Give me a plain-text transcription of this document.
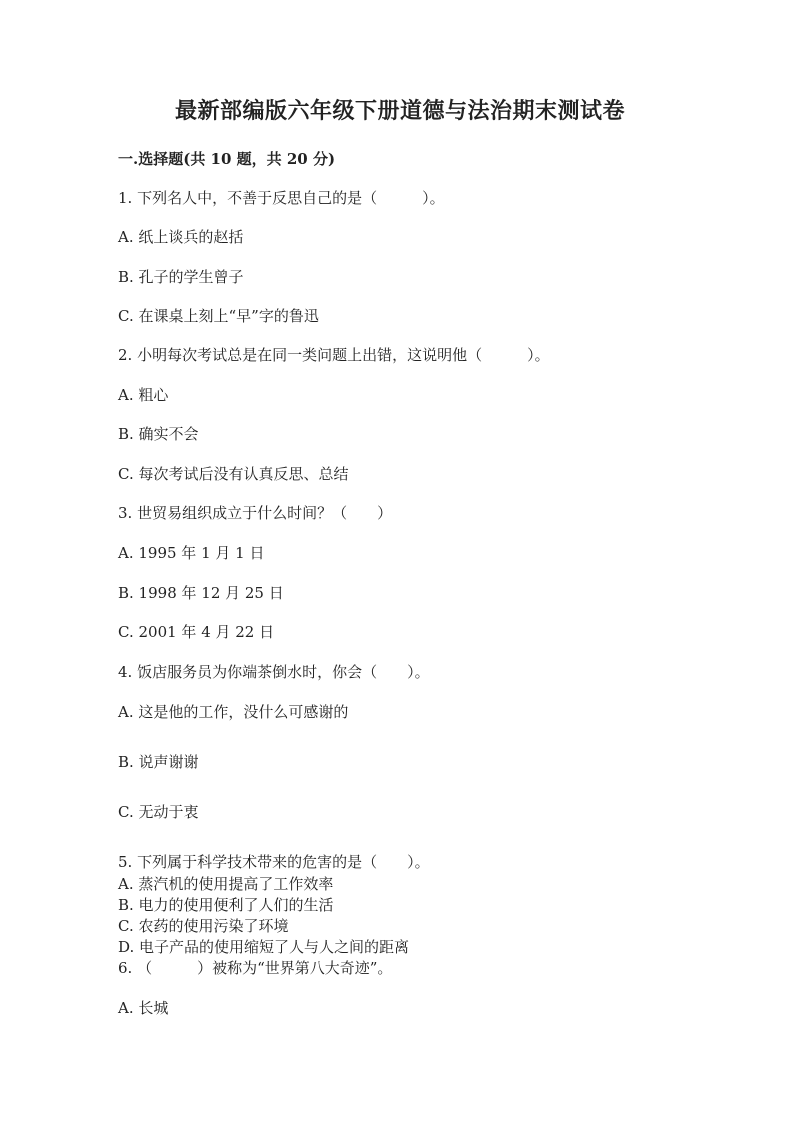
最新部编版六年级下册道德与法治期末测试卷
一.选择题(共 10 题，共 20 分)
1. 下列名人中，不善于反思自己的是（　　　）。
A. 纸上谈兵的赵括
B. 孔子的学生曾子
C. 在课桌上刻上“早”字的鲁迅
2. 小明每次考试总是在同一类问题上出错，这说明他（　　　）。
A. 粗心
B. 确实不会
C. 每次考试后没有认真反思、总结
3. 世贸易组织成立于什么时间？（　　）
A. 1995 年 1 月 1 日
B. 1998 年 12 月 25 日
C. 2001 年 4 月 22 日
4. 饭店服务员为你端茶倒水时，你会（　　）。
A. 这是他的工作，没什么可感谢的
B. 说声谢谢
C. 无动于衷
5. 下列属于科学技术带来的危害的是（　　）。
A. 蒸汽机的使用提高了工作效率
B. 电力的使用便利了人们的生活
C. 农药的使用污染了环境
D. 电子产品的使用缩短了人与人之间的距离
6. （　　　）被称为“世界第八大奇迹”。
A. 长城
